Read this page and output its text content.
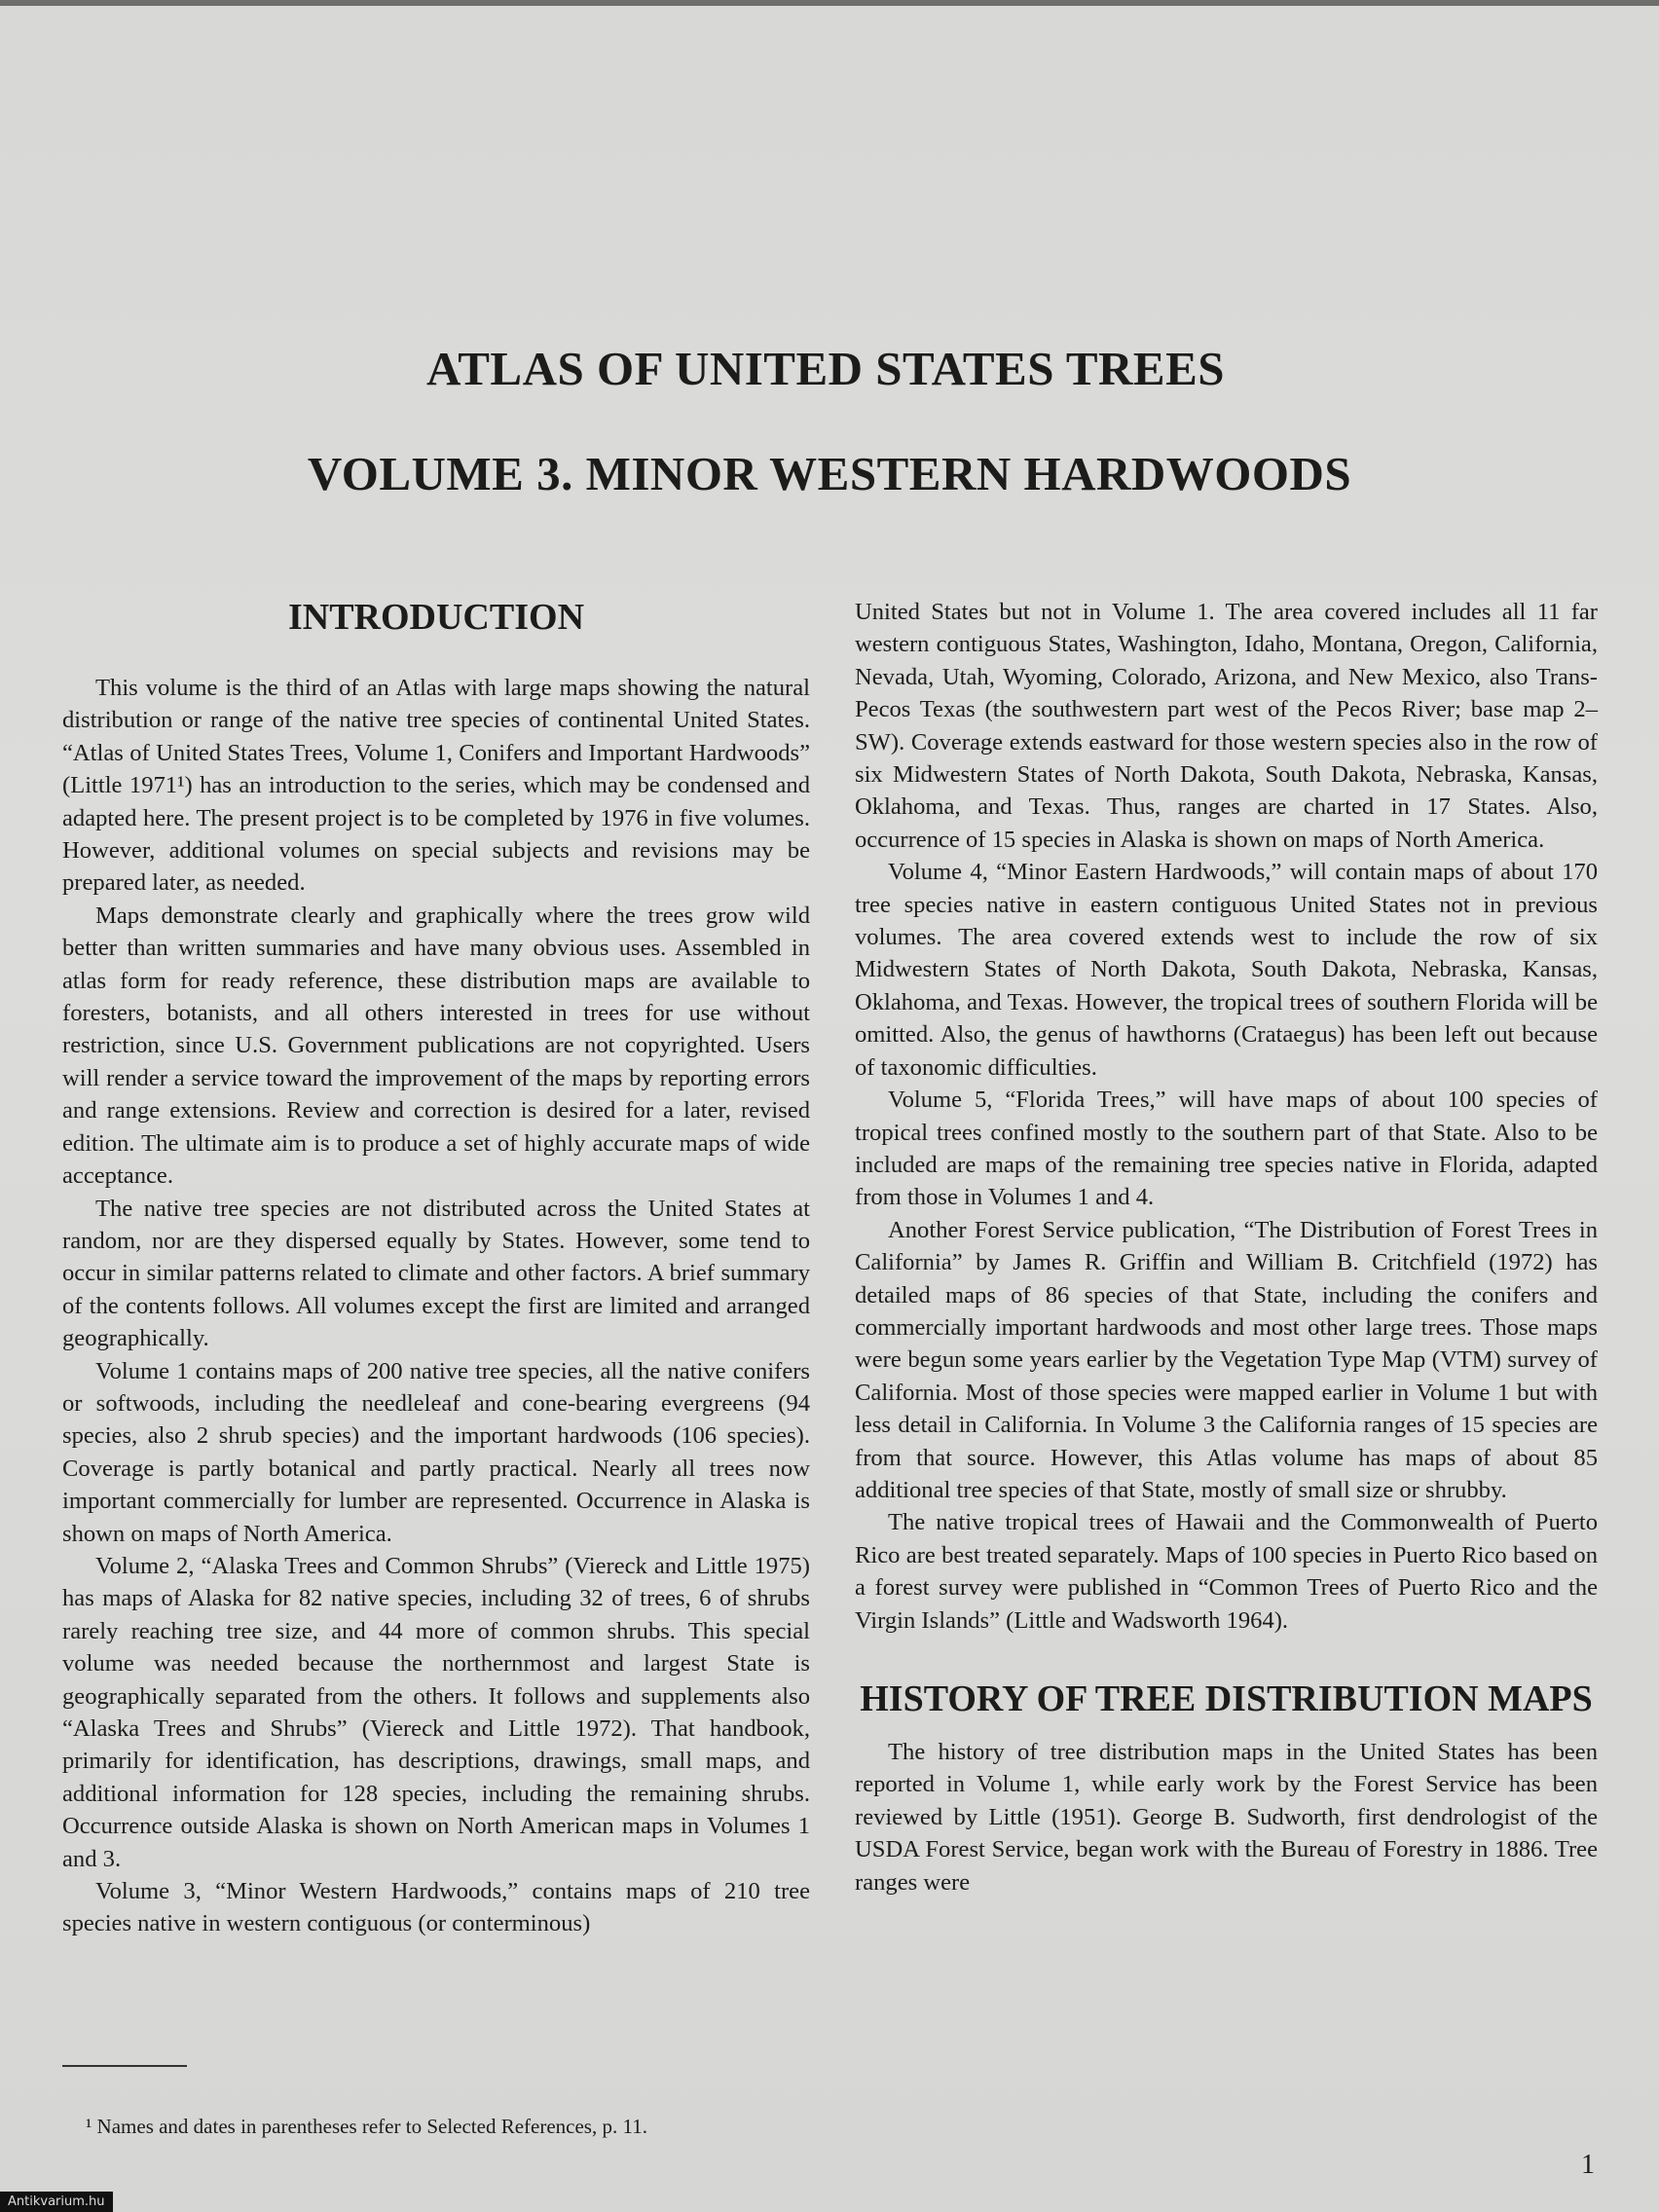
ATLAS OF UNITED STATES TREES
VOLUME 3. MINOR WESTERN HARDWOODS
INTRODUCTION

This volume is the third of an Atlas with large maps showing the natural distribution or range of the native tree species of continental United States. “Atlas of United States Trees, Volume 1, Conifers and Important Hardwoods” (Little 1971¹) has an introduction to the series, which may be condensed and adapted here. The present project is to be completed by 1976 in five volumes. However, additional volumes on special subjects and revisions may be prepared later, as needed.

Maps demonstrate clearly and graphically where the trees grow wild better than written summaries and have many obvious uses. Assembled in atlas form for ready reference, these distribution maps are available to foresters, botanists, and all others interested in trees for use without restriction, since U.S. Government publications are not copyrighted. Users will render a service toward the improvement of the maps by reporting errors and range extensions. Review and correction is desired for a later, revised edition. The ultimate aim is to produce a set of highly accurate maps of wide acceptance.

The native tree species are not distributed across the United States at random, nor are they dispersed equally by States. However, some tend to occur in similar patterns related to climate and other factors. A brief summary of the contents follows. All volumes except the first are limited and arranged geographically.

Volume 1 contains maps of 200 native tree species, all the native conifers or softwoods, including the needleleaf and cone-bearing evergreens (94 species, also 2 shrub species) and the important hardwoods (106 species). Coverage is partly botanical and partly practical. Nearly all trees now important commercially for lumber are represented. Occurrence in Alaska is shown on maps of North America.

Volume 2, “Alaska Trees and Common Shrubs” (Viereck and Little 1975) has maps of Alaska for 82 native species, including 32 of trees, 6 of shrubs rarely reaching tree size, and 44 more of common shrubs. This special volume was needed because the northernmost and largest State is geographically separated from the others. It follows and supplements also “Alaska Trees and Shrubs” (Viereck and Little 1972). That handbook, primarily for identification, has descriptions, drawings, small maps, and additional information for 128 species, including the remaining shrubs. Occurrence outside Alaska is shown on North American maps in Volumes 1 and 3.

Volume 3, “Minor Western Hardwoods,” contains maps of 210 tree species native in western contiguous (or conterminous)

United States but not in Volume 1. The area covered includes all 11 far western contiguous States, Washington, Idaho, Montana, Oregon, California, Nevada, Utah, Wyoming, Colorado, Arizona, and New Mexico, also Trans-Pecos Texas (the southwestern part west of the Pecos River; base map 2–SW). Coverage extends eastward for those western species also in the row of six Midwestern States of North Dakota, South Dakota, Nebraska, Kansas, Oklahoma, and Texas. Thus, ranges are charted in 17 States. Also, occurrence of 15 species in Alaska is shown on maps of North America.

Volume 4, “Minor Eastern Hardwoods,” will contain maps of about 170 tree species native in eastern contiguous United States not in previous volumes. The area covered extends west to include the row of six Midwestern States of North Dakota, South Dakota, Nebraska, Kansas, Oklahoma, and Texas. However, the tropical trees of southern Florida will be omitted. Also, the genus of hawthorns (Crataegus) has been left out because of taxonomic difficulties.

Volume 5, “Florida Trees,” will have maps of about 100 species of tropical trees confined mostly to the southern part of that State. Also to be included are maps of the remaining tree species native in Florida, adapted from those in Volumes 1 and 4.

Another Forest Service publication, “The Distribution of Forest Trees in California” by James R. Griffin and William B. Critchfield (1972) has detailed maps of 86 species of that State, including the conifers and commercially important hardwoods and most other large trees. Those maps were begun some years earlier by the Vegetation Type Map (VTM) survey of California. Most of those species were mapped earlier in Volume 1 but with less detail in California. In Volume 3 the California ranges of 15 species are from that source. However, this Atlas volume has maps of about 85 additional tree species of that State, mostly of small size or shrubby.

The native tropical trees of Hawaii and the Commonwealth of Puerto Rico are best treated separately. Maps of 100 species in Puerto Rico based on a forest survey were published in “Common Trees of Puerto Rico and the Virgin Islands” (Little and Wadsworth 1964).

HISTORY OF TREE DISTRIBUTION MAPS

The history of tree distribution maps in the United States has been reported in Volume 1, while early work by the Forest Service has been reviewed by Little (1951). George B. Sudworth, first dendrologist of the USDA Forest Service, began work with the Bureau of Forestry in 1886. Tree ranges were

¹ Names and dates in parentheses refer to Selected References, p. 11.
1
Antikvarium.hu
